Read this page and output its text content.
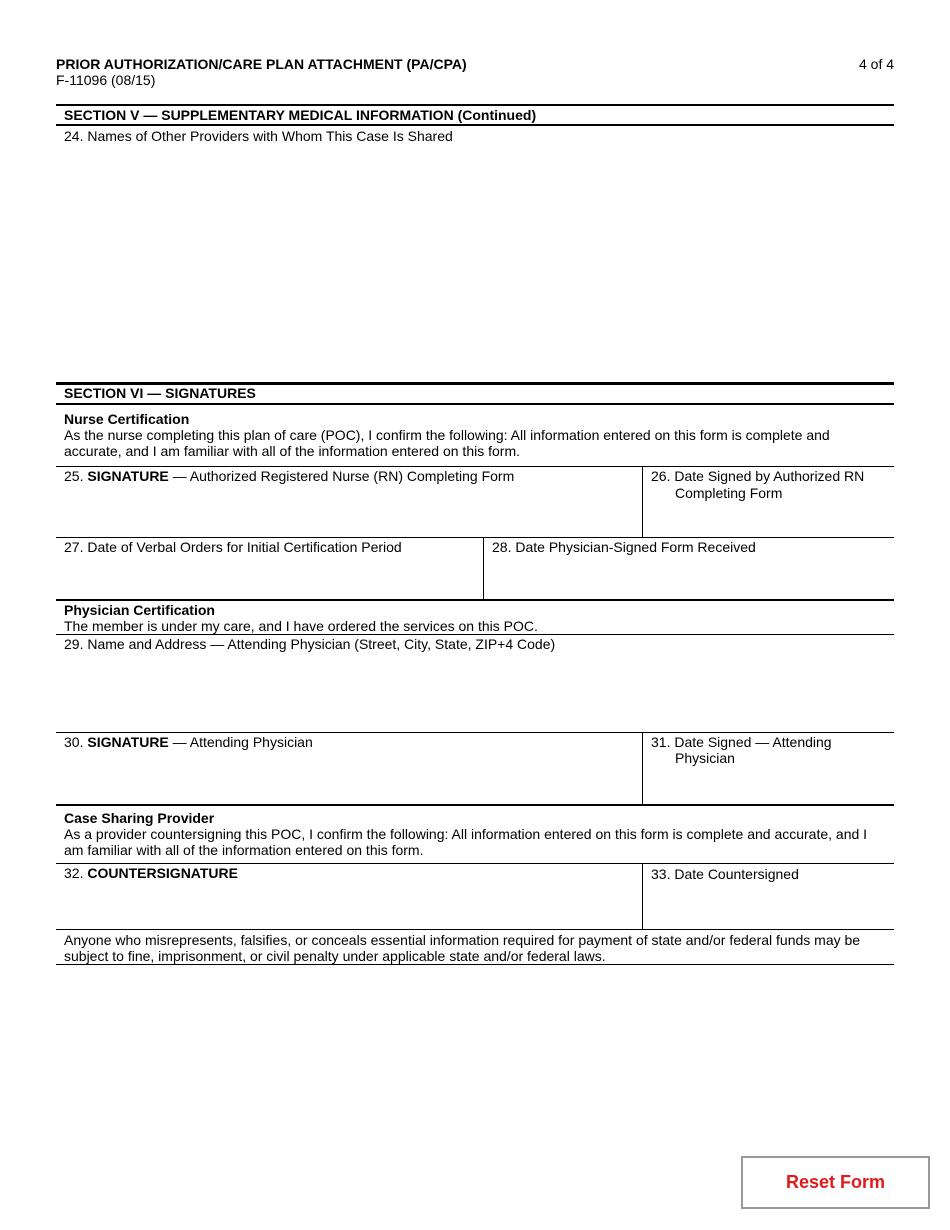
PRIOR AUTHORIZATION/CARE PLAN ATTACHMENT (PA/CPA)
F-11096 (08/15)
4 of 4
SECTION V — SUPPLEMENTARY MEDICAL INFORMATION (Continued)
24. Names of Other Providers with Whom This Case Is Shared
SECTION VI — SIGNATURES
Nurse Certification
As the nurse completing this plan of care (POC), I confirm the following: All information entered on this form is complete and accurate, and I am familiar with all of the information entered on this form.
25. SIGNATURE — Authorized Registered Nurse (RN) Completing Form	26. Date Signed by Authorized RN
Completing Form
27. Date of Verbal Orders for Initial Certification Period	28. Date Physician-Signed Form Received
Physician Certification
The member is under my care, and I have ordered the services on this POC.
29. Name and Address — Attending Physician (Street, City, State, ZIP+4 Code)
30. SIGNATURE — Attending Physician	31. Date Signed — Attending
Physician
Case Sharing Provider
As a provider countersigning this POC, I confirm the following: All information entered on this form is complete and accurate, and I am familiar with all of the information entered on this form.
32. COUNTERSIGNATURE	33. Date Countersigned
Anyone who misrepresents, falsifies, or conceals essential information required for payment of state and/or federal funds may be subject to fine, imprisonment, or civil penalty under applicable state and/or federal laws.
Reset Form
